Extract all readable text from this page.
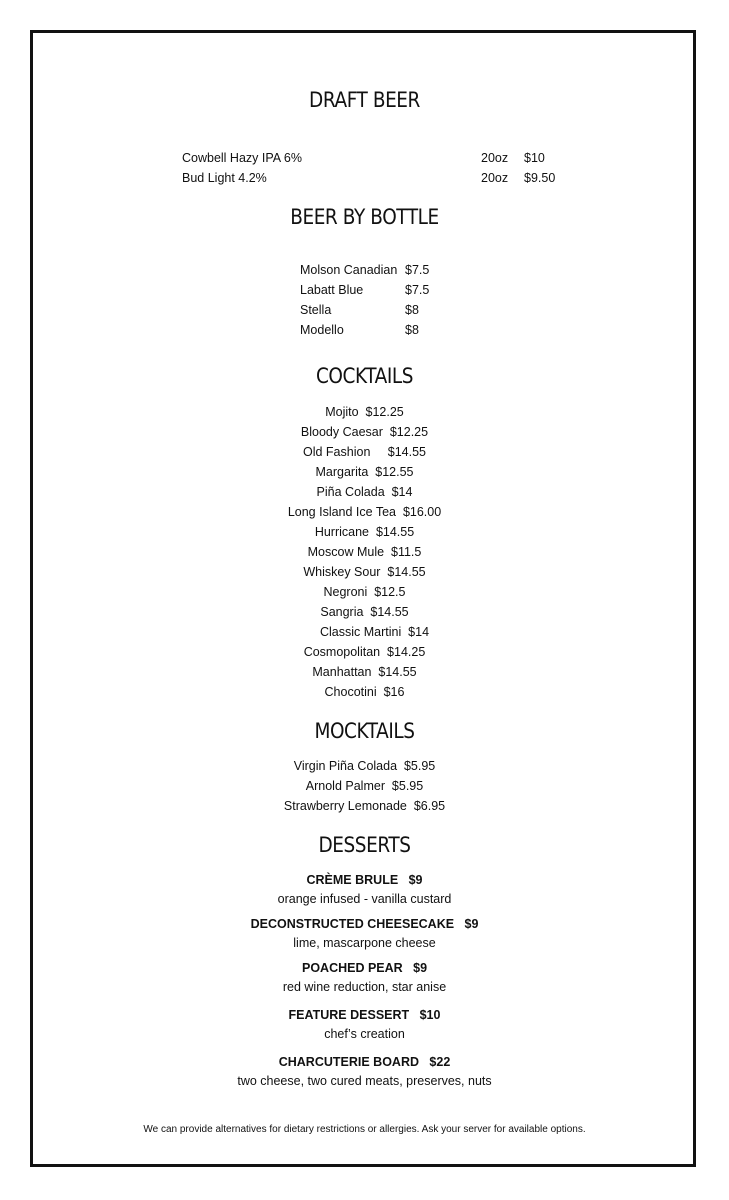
DRAFT BEER
Cowbell Hazy IPA 6%	20oz $10
Bud Light 4.2%	20oz $9.50
BEER BY BOTTLE
Molson Canadian $7.5
Labatt Blue	$7.5
Stella	$8
Modello	$8
COCKTAILS
Mojito  $12.25
Bloody Caesar  $12.25
Old Fashion     $14.55
Margarita  $12.55
Piña Colada  $14
Long Island Ice Tea  $16.00
Hurricane  $14.55
Moscow Mule  $11.5
Whiskey Sour  $14.55
Negroni  $12.5
Sangria  $14.55
Classic Martini  $14
Cosmopolitan  $14.25
Manhattan  $14.55
Chocotini  $16
MOCKTAILS
Virgin Piña Colada  $5.95
Arnold Palmer  $5.95
Strawberry Lemonade  $6.95
DESSERTS
CRÈME BRULE   $9
orange infused - vanilla custard
DECONSTRUCTED CHEESECAKE   $9
lime, mascarpone cheese
POACHED PEAR   $9
red wine reduction, star anise
FEATURE DESSERT   $10
chef’s creation
CHARCUTERIE BOARD   $22
two cheese, two cured meats, preserves, nuts
We can provide alternatives for dietary restrictions or allergies. Ask your server for available options.
